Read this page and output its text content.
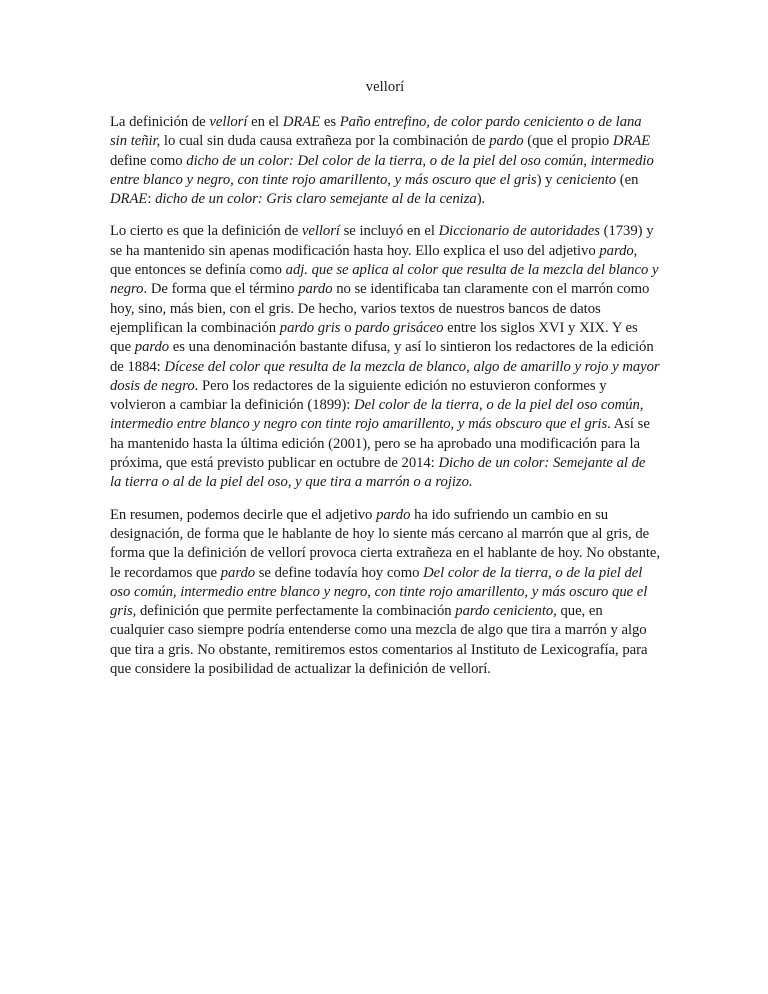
vellorí

La definición de vellorí en el DRAE es Paño entrefino, de color pardo ceniciento o de lana sin teñir, lo cual sin duda causa extrañeza por la combinación de pardo (que el propio DRAE define como dicho de un color: Del color de la tierra, o de la piel del oso común, intermedio entre blanco y negro, con tinte rojo amarillento, y más oscuro que el gris) y ceniciento (en DRAE: dicho de un color: Gris claro semejante al de la ceniza).

Lo cierto es que la definición de vellorí se incluyó en el Diccionario de autoridades (1739) y se ha mantenido sin apenas modificación hasta hoy. Ello explica el uso del adjetivo pardo, que entonces se definía como adj. que se aplica al color que resulta de la mezcla del blanco y negro. De forma que el término pardo no se identificaba tan claramente con el marrón como hoy, sino, más bien, con el gris. De hecho, varios textos de nuestros bancos de datos ejemplifican la combinación pardo gris o pardo grisáceo entre los siglos XVI y XIX. Y es que pardo es una denominación bastante difusa, y así lo sintieron los redactores de la edición de 1884: Dícese del color que resulta de la mezcla de blanco, algo de amarillo y rojo y mayor dosis de negro. Pero los redactores de la siguiente edición no estuvieron conformes y volvieron a cambiar la definición (1899): Del color de la tierra, o de la piel del oso común, intermedio entre blanco y negro con tinte rojo amarillento, y más obscuro que el gris. Así se ha mantenido hasta la última edición (2001), pero se ha aprobado una modificación para la próxima, que está previsto publicar en octubre de 2014: Dicho de un color: Semejante al de la tierra o al de la piel del oso, y que tira a marrón o a rojizo.

En resumen, podemos decirle que el adjetivo pardo ha ido sufriendo un cambio en su designación, de forma que le hablante de hoy lo siente más cercano al marrón que al gris, de forma que la definición de vellorí provoca cierta extrañeza en el hablante de hoy. No obstante, le recordamos que pardo se define todavía hoy como Del color de la tierra, o de la piel del oso común, intermedio entre blanco y negro, con tinte rojo amarillento, y más oscuro que el gris, definición que permite perfectamente la combinación pardo ceniciento, que, en cualquier caso siempre podría entenderse como una mezcla de algo que tira a marrón y algo que tira a gris. No obstante, remitiremos estos comentarios al Instituto de Lexicografía, para que considere la posibilidad de actualizar la definición de vellorí.
